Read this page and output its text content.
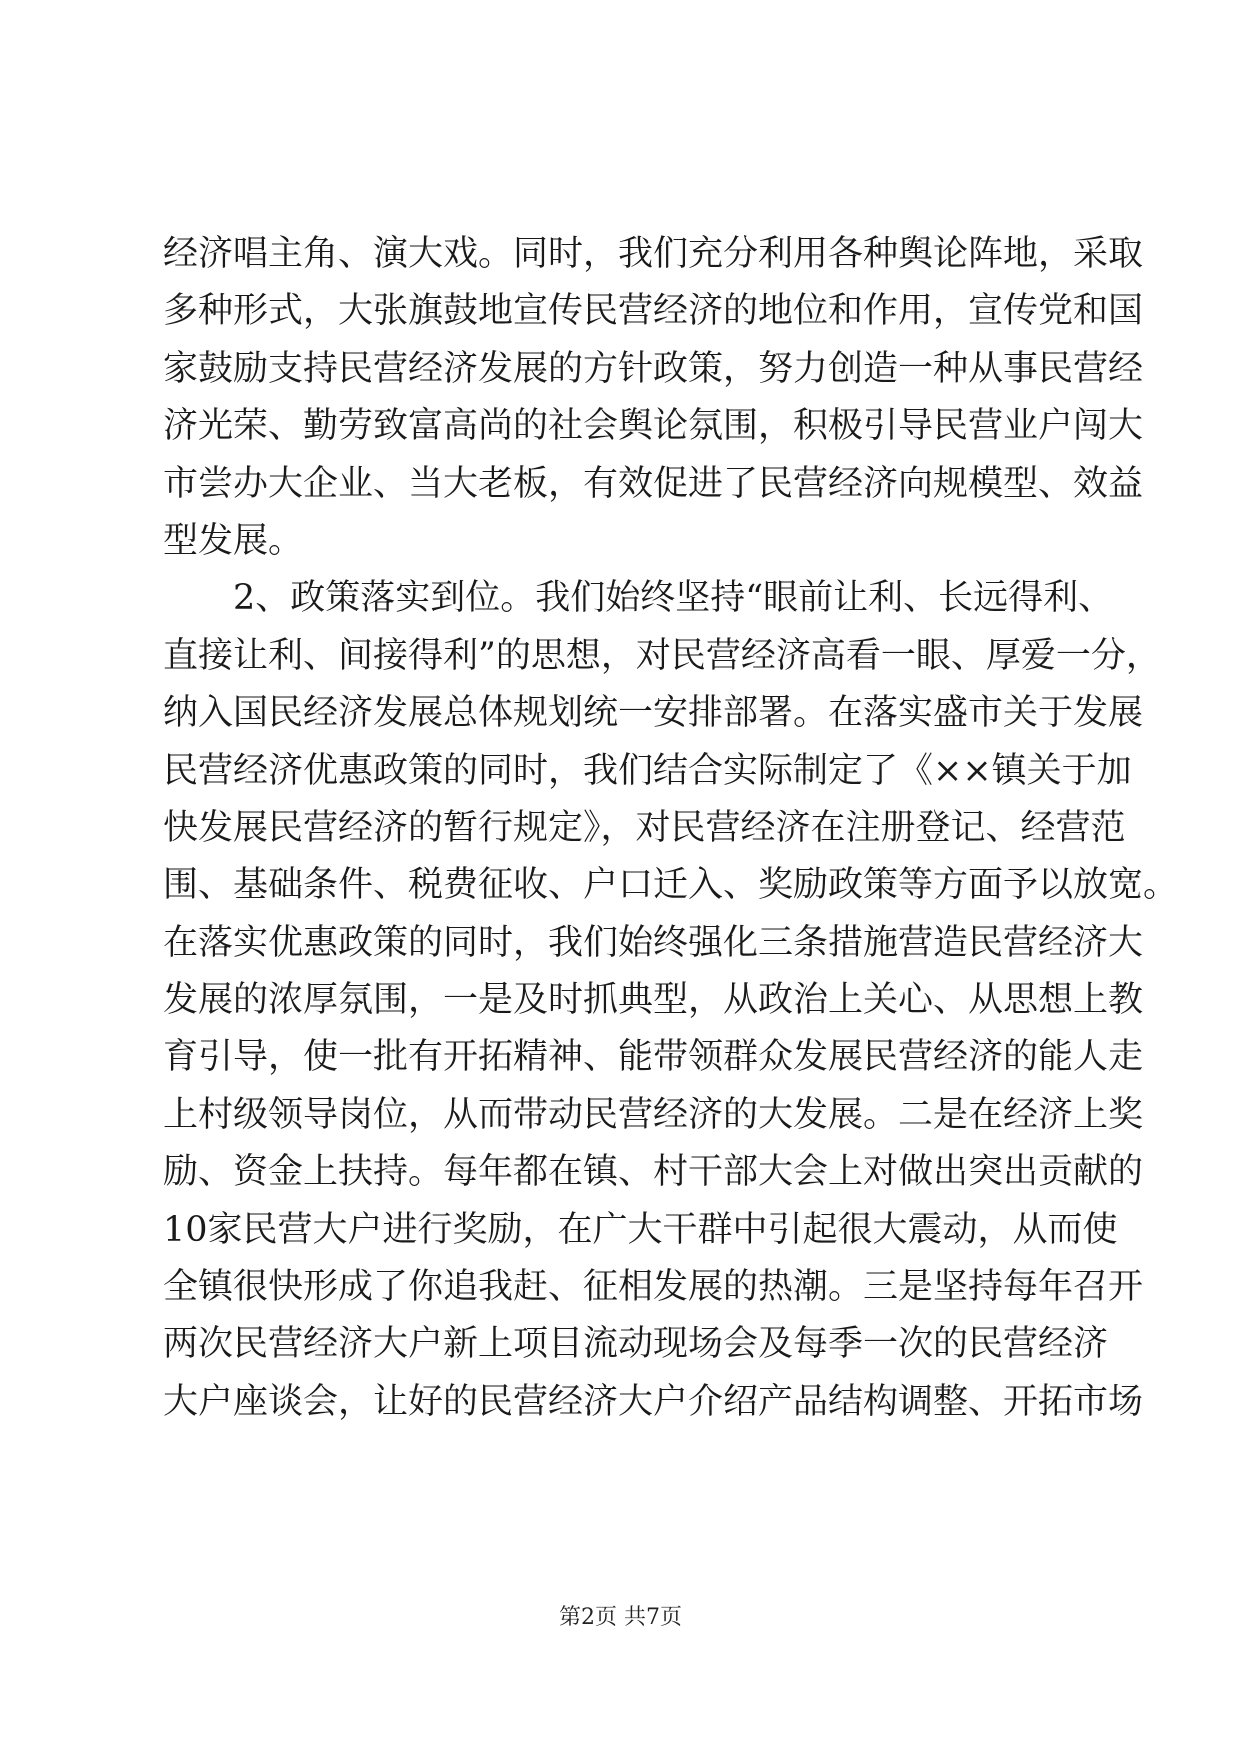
经济唱主角、演大戏。同时，我们充分利用各种舆论阵地，采取
多种形式，大张旗鼓地宣传民营经济的地位和作用，宣传党和国
家鼓励支持民营经济发展的方针政策，努力创造一种从事民营经
济光荣、勤劳致富高尚的社会舆论氛围，积极引导民营业户闯大
市尝办大企业、当大老板，有效促进了民营经济向规模型、效益
型发展。
2、政策落实到位。我们始终坚持“眼前让利、长远得利、
直接让利、间接得利”的思想，对民营经济高看一眼、厚爱一分，
纳入国民经济发展总体规划统一安排部署。在落实盛市关于发展
民营经济优惠政策的同时，我们结合实际制定了《××镇关于加
快发展民营经济的暂行规定》，对民营经济在注册登记、经营范
围、基础条件、税费征收、户口迁入、奖励政策等方面予以放宽。
在落实优惠政策的同时，我们始终强化三条措施营造民营经济大
发展的浓厚氛围，一是及时抓典型，从政治上关心、从思想上教
育引导，使一批有开拓精神、能带领群众发展民营经济的能人走
上村级领导岗位，从而带动民营经济的大发展。二是在经济上奖
励、资金上扶持。每年都在镇、村干部大会上对做出突出贡献的
10家民营大户进行奖励，在广大干群中引起很大震动，从而使
全镇很快形成了你追我赶、征相发展的热潮。三是坚持每年召开
两次民营经济大户新上项目流动现场会及每季一次的民营经济
大户座谈会，让好的民营经济大户介绍产品结构调整、开拓市场
第2页 共7页
